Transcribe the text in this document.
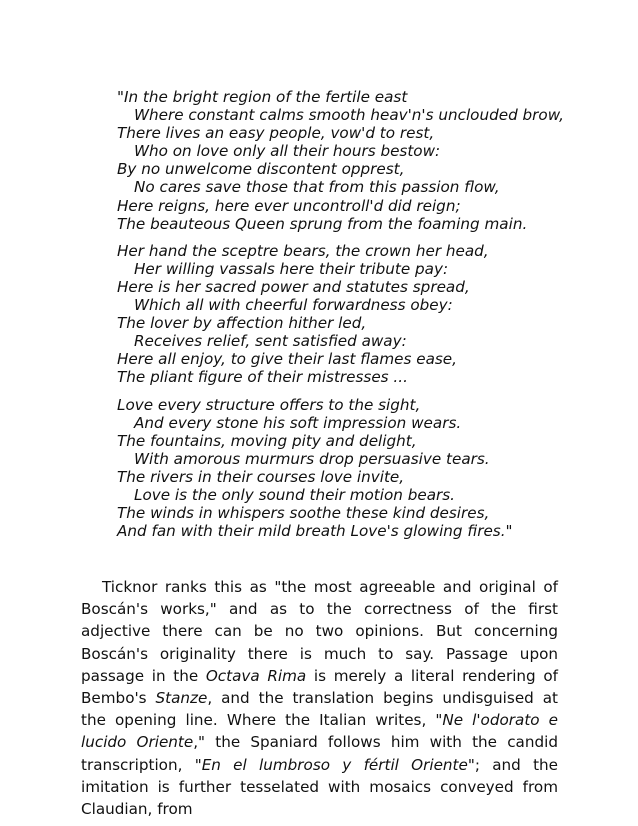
"In the bright region of the fertile east
Where constant calms smooth heav'n's unclouded brow,
There lives an easy people, vow'd to rest,
Who on love only all their hours bestow:
By no unwelcome discontent opprest,
No cares save those that from this passion flow,
Here reigns, here ever uncontroll'd did reign;
The beauteous Queen sprung from the foaming main.
Her hand the sceptre bears, the crown her head,
Her willing vassals here their tribute pay:
Here is her sacred power and statutes spread,
Which all with cheerful forwardness obey:
The lover by affection hither led,
Receives relief, sent satisfied away:
Here all enjoy, to give their last flames ease,
The pliant figure of their mistresses ...
Love every structure offers to the sight,
And every stone his soft impression wears.
The fountains, moving pity and delight,
With amorous murmurs drop persuasive tears.
The rivers in their courses love invite,
Love is the only sound their motion bears.
The winds in whispers soothe these kind desires,
And fan with their mild breath Love's glowing fires."

Ticknor ranks this as "the most agreeable and original of Boscán's works," and as to the correctness of the first adjective there can be no two opinions. But concerning Boscán's originality there is much to say. Passage upon passage in the Octava Rima is merely a literal rendering of Bembo's Stanze, and the translation begins undisguised at the opening line. Where the Italian writes, "Ne l'odorato e lucido Oriente," the Spaniard follows him with the candid transcription, "En el lumbroso y fértil Oriente"; and the imitation is further tesselated with mosaics conveyed from Claudian, from
